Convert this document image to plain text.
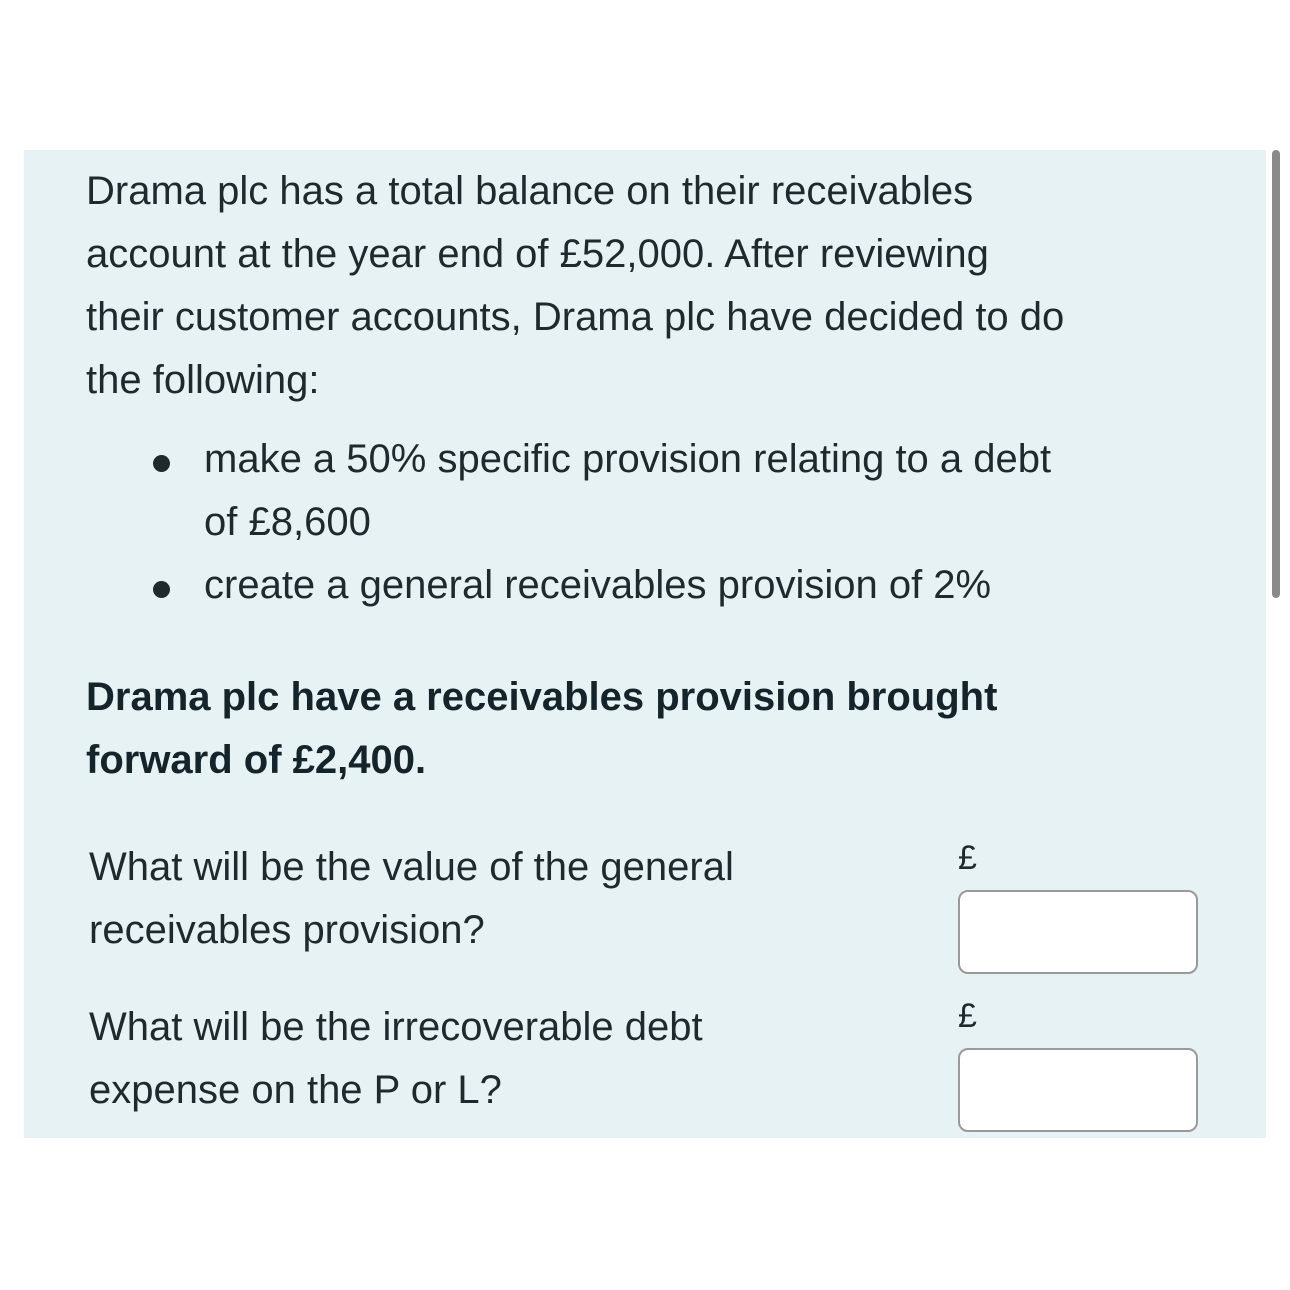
Drama plc has a total balance on their receivables
account at the year end of £52,000. After reviewing
their customer accounts, Drama plc have decided to do
the following:

make a 50% specific provision relating to a debt
of £8,600
create a general receivables provision of 2%

Drama plc have a receivables provision brought
forward of £2,400.

What will be the value of the general
receivables provision?

£

What will be the irrecoverable debt
expense on the P or L?

£
